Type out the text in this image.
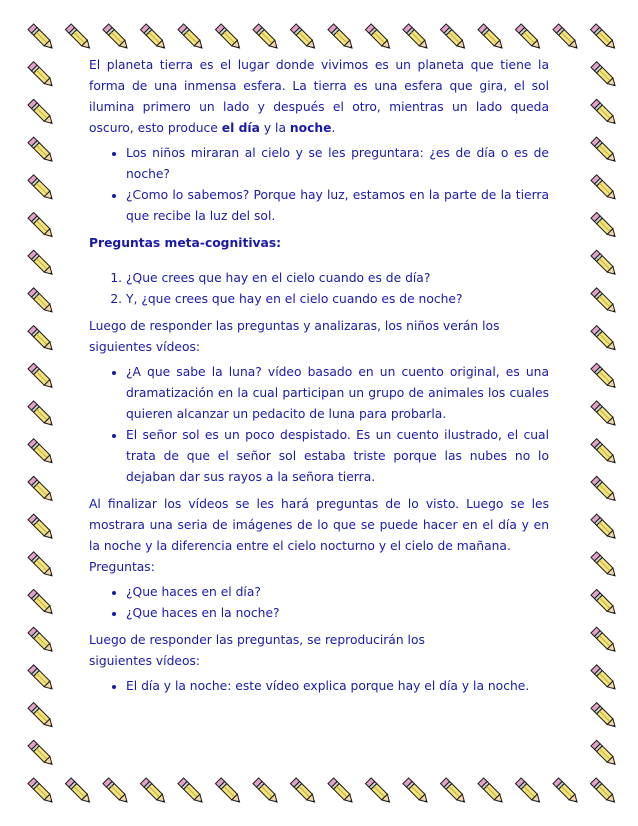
El planeta tierra es el lugar donde vivimos es un planeta que tiene la forma de una inmensa esfera. La tierra es una esfera que gira, el sol ilumina primero un lado y después el otro, mientras un lado queda oscuro, esto produce el día y la noche.

• Los niños miraran al cielo y se les preguntara: ¿es de día o es de noche?
• ¿Como lo sabemos? Porque hay luz, estamos en la parte de la tierra que recibe la luz del sol.

Preguntas meta-cognitivas:

1. ¿Que crees que hay en el cielo cuando es de día?
2. Y, ¿que crees que hay en el cielo cuando es de noche?

Luego de responder las preguntas y analizaras, los niños verán los siguientes vídeos:

• ¿A que sabe la luna? vídeo basado en un cuento original, es una dramatización en la cual participan un grupo de animales los cuales quieren alcanzar un pedacito de luna para probarla.
• El señor sol es un poco despistado. Es un cuento ilustrado, el cual trata de que el señor sol estaba triste porque las nubes no lo dejaban dar sus rayos a la señora tierra.

Al finalizar los vídeos se les hará preguntas de lo visto. Luego se les mostrara una seria de imágenes de lo que se puede hacer en el día y en la noche y la diferencia entre el cielo nocturno y el cielo de mañana.

Preguntas:

• ¿Que haces en el día?
• ¿Que haces en la noche?

Luego de responder las preguntas, se reproducirán los siguientes vídeos:

• El día y la noche: este vídeo explica porque hay el día y la noche.
